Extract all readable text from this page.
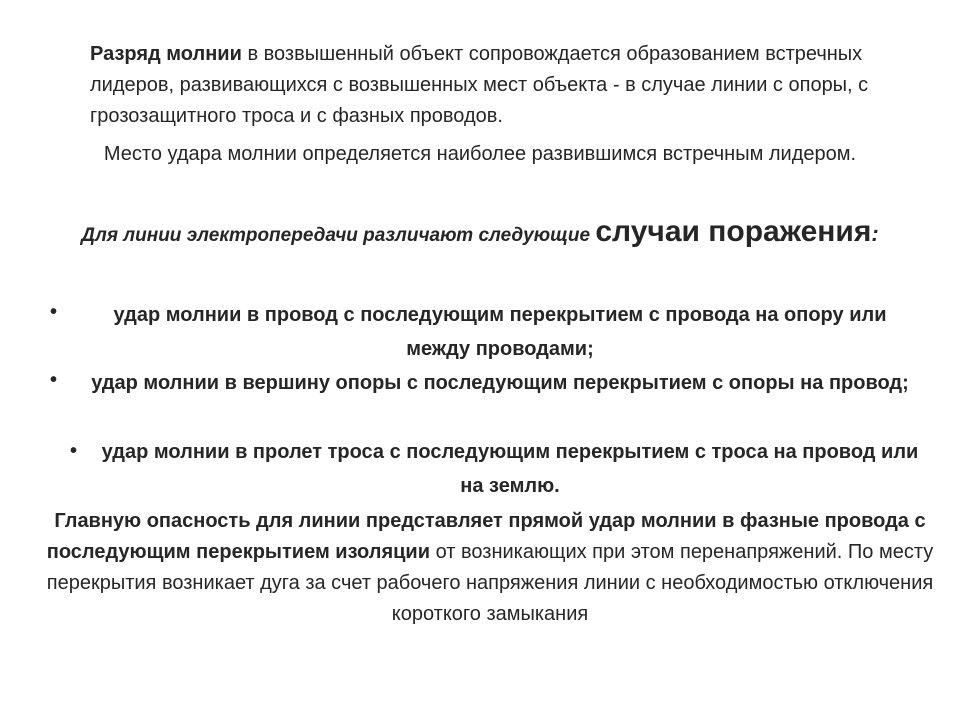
Разряд молнии в возвышенный объект сопровождается образованием встречных лидеров, развивающихся с возвышенных мест объекта - в случае линии с опоры, с грозозащитного троса и с фазных проводов.
Место удара молнии определяется наиболее развившимся встречным лидером.
Для линии электропередачи различают следующие случаи поражения:
•	удар молнии в провод с последующим перекрытием с провода на опору или между проводами;
•	удар молнии в вершину опоры с последующим перекрытием с опоры на провод;
• удар молнии в пролет троса с последующим перекрытием с троса на провод или на землю.
Главную опасность для линии представляет прямой удар молнии в фазные провода с последующим перекрытием изоляции от возникающих при этом перенапряжений. По месту перекрытия возникает дуга за счет рабочего напряжения линии с необходимостью отключения короткого замыкания
